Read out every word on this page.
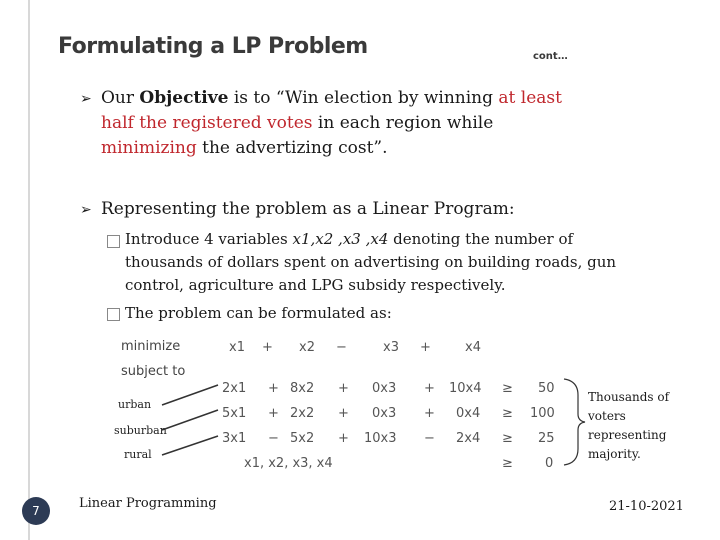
Formulating a LP Problem	cont…
➢ Our Objective is to “Win election by winning at least
half the registered votes in each region while
minimizing the advertizing cost”.
➢ Representing the problem as a Linear Program:
Introduce 4 variables x1,x2 ,x3 ,x4 denoting the number of
thousands of dollars spent on advertising on building roads, gun
control, agriculture and LPG subsidy respectively.
The problem can be formulated as:
minimize
subject to
x1 + x2 −	x3 +	x4
2x1 + 8x2 + 0x3 + 10x4 ≥ 50
5x1 + 2x2 + 0x3 + 0x4 ≥ 100
3x1 − 5x2 + 10x3 − 2x4 ≥ 25
x1, x2, x3, x4	≥ 0
urban
suburban
rural
Thousands of voters representing majority.
7	Linear Programming	21-10-2021
